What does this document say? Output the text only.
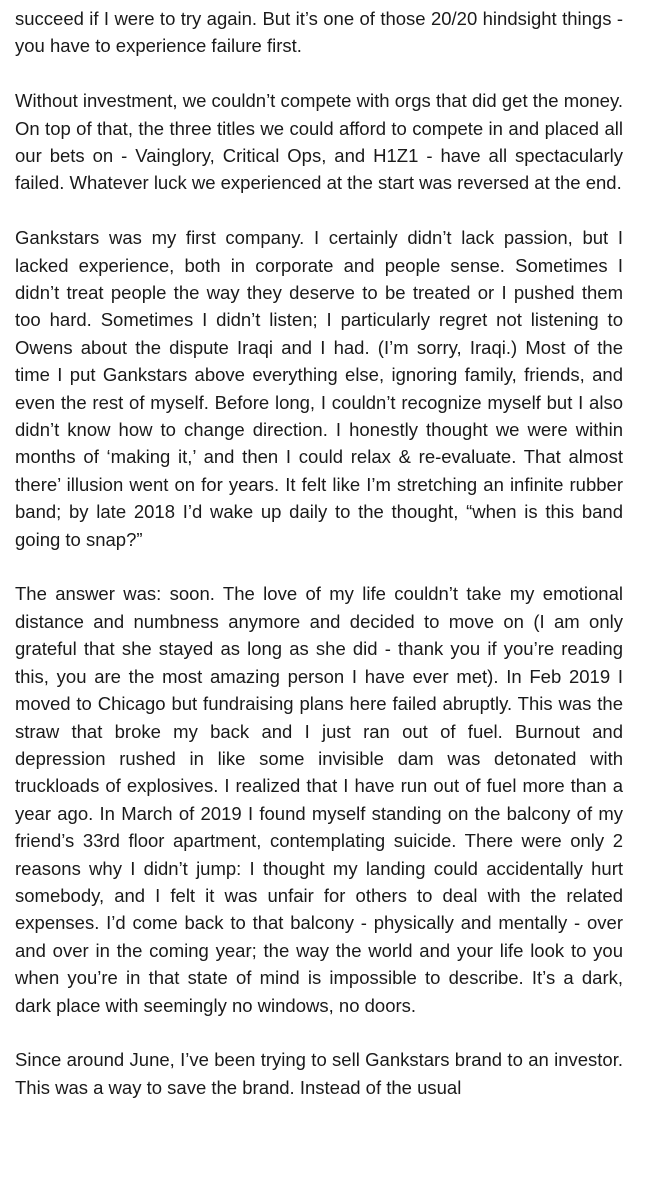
succeed if I were to try again. But it’s one of those 20/20 hindsight things - you have to experience failure first.

Without investment, we couldn’t compete with orgs that did get the money. On top of that, the three titles we could afford to compete in and placed all our bets on - Vainglory, Critical Ops, and H1Z1 - have all spectacularly failed. Whatever luck we experienced at the start was reversed at the end.

Gankstars was my first company. I certainly didn’t lack passion, but I lacked experience, both in corporate and people sense. Sometimes I didn’t treat people the way they deserve to be treated or I pushed them too hard. Sometimes I didn’t listen; I particularly regret not listening to Owens about the dispute Iraqi and I had. (I’m sorry, Iraqi.) Most of the time I put Gankstars above everything else, ignoring family, friends, and even the rest of myself. Before long, I couldn’t recognize myself but I also didn’t know how to change direction. I honestly thought we were within months of ‘making it,’ and then I could relax & re-evaluate. That almost there’ illusion went on for years. It felt like I’m stretching an infinite rubber band; by late 2018 I’d wake up daily to the thought, “when is this band going to snap?”

The answer was: soon. The love of my life couldn’t take my emotional distance and numbness anymore and decided to move on (I am only grateful that she stayed as long as she did - thank you if you’re reading this, you are the most amazing person I have ever met). In Feb 2019 I moved to Chicago but fundraising plans here failed abruptly. This was the straw that broke my back and I just ran out of fuel. Burnout and depression rushed in like some invisible dam was detonated with truckloads of explosives. I realized that I have run out of fuel more than a year ago. In March of 2019 I found myself standing on the balcony of my friend’s 33rd floor apartment, contemplating suicide. There were only 2 reasons why I didn’t jump: I thought my landing could accidentally hurt somebody, and I felt it was unfair for others to deal with the related expenses. I’d come back to that balcony - physically and mentally - over and over in the coming year; the way the world and your life look to you when you’re in that state of mind is impossible to describe. It’s a dark, dark place with seemingly no windows, no doors.

Since around June, I’ve been trying to sell Gankstars brand to an investor. This was a way to save the brand. Instead of the usual
